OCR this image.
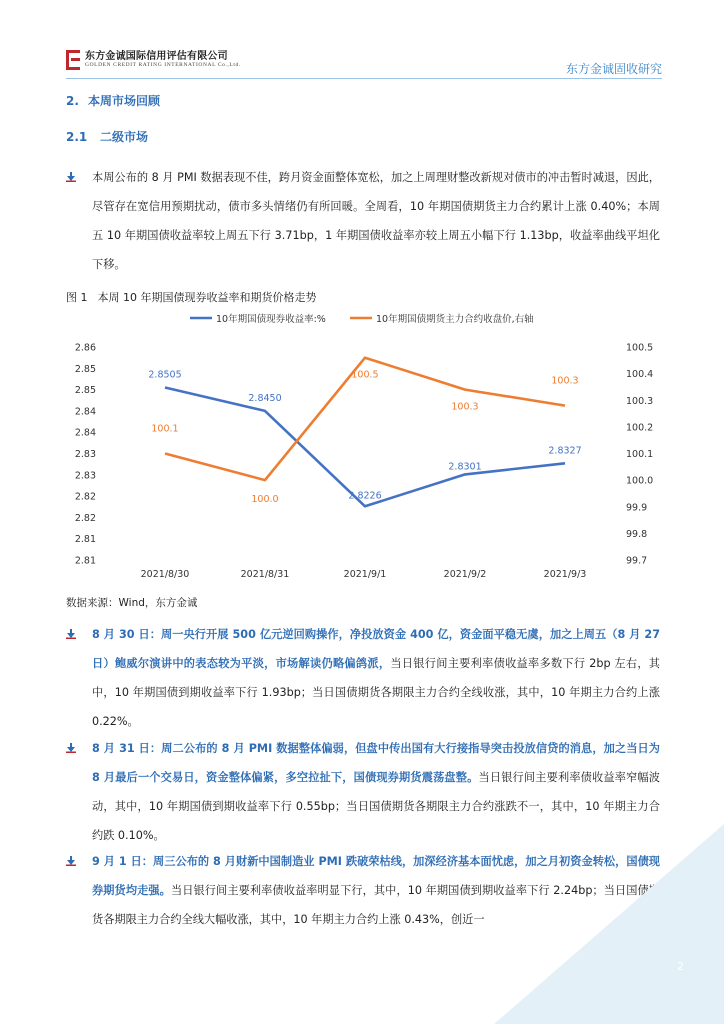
东方金诚国际信用评估有限公司
GOLDEN CREDIT RATING INTERNATIONAL Co.,Ltd.	东方金诚固收研究
2. 本周市场回顾
2.1 二级市场
本周公布的 8 月 PMI 数据表现不佳，跨月资金面整体宽松，加之上周理财整改新规对债市的冲击暂时减退，因此，尽管存在宽信用预期扰动，债市多头情绪仍有所回暖。全周看，10 年期国债期货主力合约累计上涨 0.40%；本周五 10 年期国债收益率较上周五下行 3.71bp，1 年期国债收益率亦较上周五小幅下行 1.13bp，收益率曲线平坦化下移。
图 1 本周 10 年期国债现券收益率和期货价格走势
10年期国债现券收益率:%	10年期国债期货主力合约收盘价,右轴
2.86
2.85
2.85
2.84
2.84
2.83
2.83
2.82
2.82
2.81
2.81
100.5
100.4
100.3
100.2
100.1
100.0
99.9
99.8
99.7
2021/8/30	2021/8/31	2021/9/1	2021/9/2	2021/9/3
2.8505
2.8450
2.8226
2.8301
2.8327
100.1
100.0
100.5
100.3
100.3
数据来源：Wind，东方金诚
8 月 30 日：周一央行开展 500 亿元逆回购操作，净投放资金 400 亿，资金面平稳无虞，加之上周五（8 月 27 日）鲍威尔演讲中的表态较为平淡，市场解读仍略偏鸽派，当日银行间主要利率债收益率多数下行 2bp 左右，其中，10 年期国债到期收益率下行 1.93bp；当日国债期货各期限主力合约全线收涨，其中，10 年期主力合约上涨 0.22%。
8 月 31 日：周二公布的 8 月 PMI 数据整体偏弱，但盘中传出国有大行接指导突击投放信贷的消息，加之当日为 8 月最后一个交易日，资金整体偏紧，多空拉扯下，国债现券期货震荡盘整。当日银行间主要利率债收益率窄幅波动，其中，10 年期国债到期收益率下行 0.55bp；当日国债期货各期限主力合约涨跌不一，其中，10 年期主力合约跌 0.10%。
9 月 1 日：周三公布的 8 月财新中国制造业 PMI 跌破荣枯线，加深经济基本面忧虑，加之月初资金转松，国债现券期货均走强。当日银行间主要利率债收益率明显下行，其中，10 年期国债到期收益率下行 2.24bp；当日国债期货各期限主力合约全线大幅收涨，其中，10 年期主力合约上涨 0.43%，创近一
2
